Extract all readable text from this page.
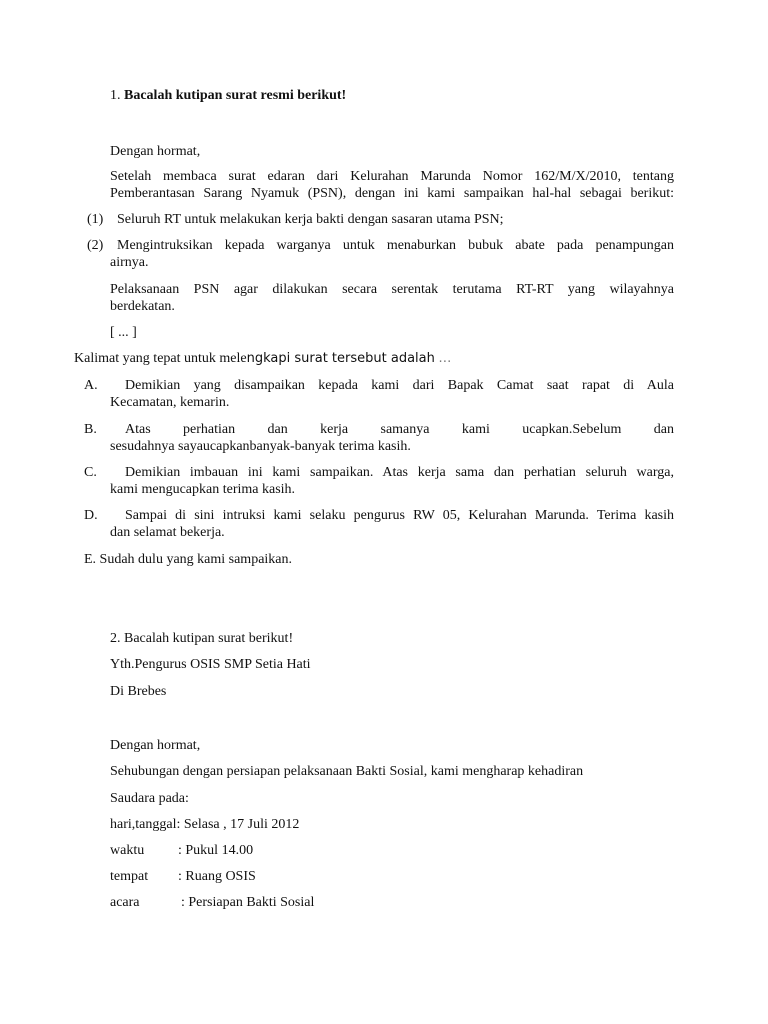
1. Bacalah kutipan surat resmi berikut!
Dengan hormat,
Setelah membaca surat edaran dari Kelurahan Marunda Nomor 162/M/X/2010, tentang
Pemberantasan Sarang Nyamuk (PSN), dengan ini kami sampaikan hal-hal sebagai berikut:
(1) Seluruh RT untuk melakukan kerja bakti dengan sasaran utama PSN;
(2) Mengintruksikan kepada warganya untuk menaburkan bubuk abate pada penampungan
airnya.
Pelaksanaan PSN agar dilakukan secara serentak terutama RT-RT yang wilayahnya
berdekatan.
[ ... ]
Kalimat yang tepat untuk melengkapi surat tersebut adalah …
A. Demikian yang disampaikan kepada kami dari Bapak Camat saat rapat di Aula
Kecamatan, kemarin.
B. Atas perhatian dan kerja samanya kami ucapkan.Sebelum dan
sesudahnya sayaucapkanbanyak-banyak terima kasih.
C. Demikian imbauan ini kami sampaikan. Atas kerja sama dan perhatian seluruh warga,
kami mengucapkan terima kasih.
D. Sampai di sini intruksi kami selaku pengurus RW 05, Kelurahan Marunda. Terima kasih
dan selamat bekerja.
E. Sudah dulu yang kami sampaikan.
2. Bacalah kutipan surat berikut!
Yth.Pengurus OSIS SMP Setia Hati
Di Brebes
Dengan hormat,
Sehubungan dengan persiapan pelaksanaan Bakti Sosial, kami mengharap kehadiran
Saudara pada:
hari,tanggal: Selasa , 17 Juli 2012
waktu : Pukul 14.00
tempat : Ruang OSIS
acara	: Persiapan Bakti Sosial
